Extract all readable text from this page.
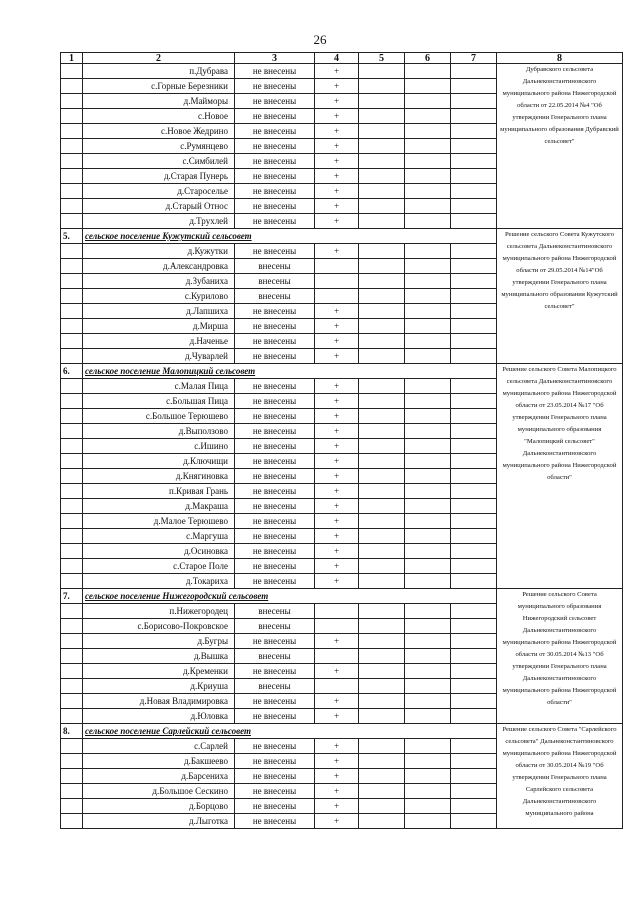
26
1	2	3	4	5	6	7	8
	п.Дубрава	не внесены	+				Дубравского сельсовета Дальнеконстантиновского муниципального района Нижегородской области от 22.05.2014 №4 "Об утверждении Генерального плана муниципального образования Дубравский сельсовет"
	с.Горные Березники	не внесены	+				
	д.Майморы	не внесены	+				
	с.Новое	не внесены	+				
	с.Новое Жедрино	не внесены	+				
	с.Румянцево	не внесены	+				
	с.Симбилей	не внесены	+				
	д.Старая Пунерь	не внесены	+				
	д.Староселье	не внесены	+				
	д.Старый Относ	не внесены	+				
	д.Трухлей	не внесены	+				
5.	сельское поселение Кужутский сельсовет						Решение сельского Совета Кужутского сельсовета Дальнеконстантиновского муниципального района Нижегородской области от 29.05.2014 №14"Об утверждении Генерального плана муниципального образования Кужутский сельсовет"
	д.Кужутки	не внесены	+				
	д.Александровка	внесены					
	д.Зубаниха	внесены					
	с.Курилово	внесены					
	д.Лапшиха	не внесены	+				
	д.Мирша	не внесены	+				
	д.Наченье	не внесены	+				
	д.Чуварлей	не внесены	+				
6.	сельское поселение Малопицкий сельсовет						Решение сельского Совета Малопицкого сельсовета Дальнеконстантиновского муниципального района Нижегородской области от 23.05.2014 №17 "Об утверждении Генерального плана муниципального образования "Малопицкий сельсовет" Дальнеконстантиновского муниципального района Нижегородской области"
	с.Малая Пица	не внесены	+				
	с.Большая Пица	не внесены	+				
	с.Большое Терюшево	не внесены	+				
	д.Выползово	не внесены	+				
	с.Ишино	не внесены	+				
	д.Ключищи	не внесены	+				
	д.Княгиновка	не внесены	+				
	п.Кривая Грань	не внесены	+				
	д.Макраша	не внесены	+				
	д.Малое Терюшево	не внесены	+				
	с.Маргуша	не внесены	+				
	д.Осиновка	не внесены	+				
	с.Старое Поле	не внесены	+				
	д.Токариха	не внесены	+				
7.	сельское поселение Нижегородский сельсовет						Решение сельского Совета муниципального образования Нижегородский сельсовет Дальнеконстантиновского муниципального района Нижегородской области от 30.05.2014 №13 "Об утверждении Генерального плана Дальнеконстантиновского муниципального района Нижегородской области"
	п.Нижегородец	внесены					
	с.Борисово-Покровское	внесены					
	д.Бугры	не внесены	+				
	д.Вышка	внесены					
	д.Кременки	не внесены	+				
	д.Криуша	внесены					
	д.Новая Владимировка	не внесены	+				
	д.Юловка	не внесены	+				
8.	сельское поселение Сарлейский сельсовет						Решение сельского Совета "Сарлейского сельсовета" Дальнеконстантиновского муниципального района Нижегородской области от 30.05.2014 №19 "Об утверждении Генерального плана Сарлейского сельсовета Дальнеконстантиновского муниципального района
	с.Сарлей	не внесены	+				
	д.Бакшеево	не внесены	+				
	д.Барсениха	не внесены	+				
	д.Большое Сескино	не внесены	+				
	д.Борцово	не внесены	+				
	д.Лыготка	не внесены	+				
